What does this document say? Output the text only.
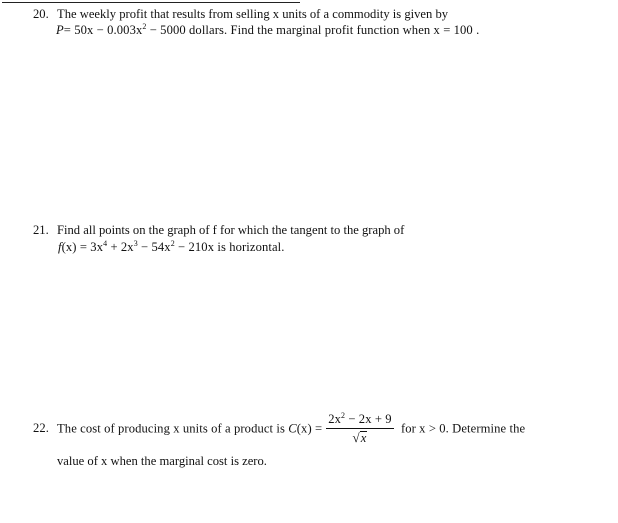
20. The weekly profit that results from selling x units of a commodity is given by
$P= 50x - 0.003x^2 - 5000$ dollars. Find the marginal profit function when x = 100 .
21. Find all points on the graph of f for which the tangent to the graph of
$f(x) = 3x^4 + 2x^3 - 54x^2 - 210x$ is horizontal.
22. The cost of producing x units of a product is $C(x) = \frac{2x^2 - 2x + 9}{√ x}$ for x > 0. Determine the
value of x when the marginal cost is zero.
